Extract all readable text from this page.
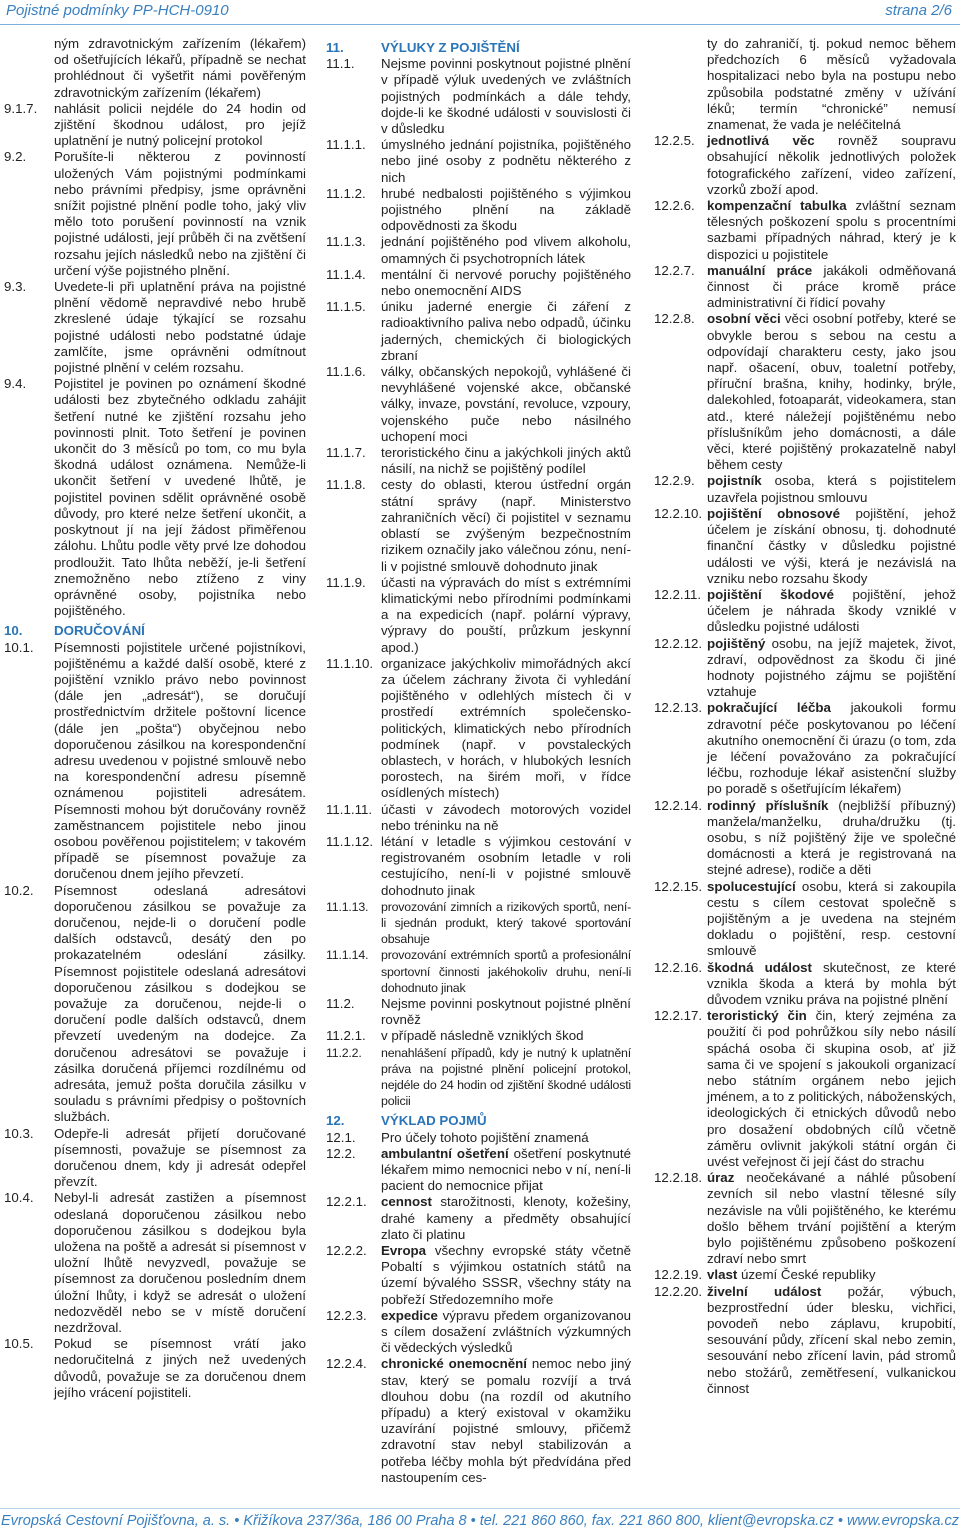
Pojistné podmínky PP-HCH-0910	strana 2/6
ným zdravotnickým zařízením (lékařem) od ošetřujících lékařů, případně se nechat prohlédnout či vyšetřit námi pověřeným zdravotnickým zařízením (lékařem)
9.1.7.	nahlásit policii nejdéle do 24 hodin od zjištění škodnou událost, pro jejíž uplatnění je nutný policejní protokol
9.2.	Porušíte-li některou z povinností uložených Vám pojistnými podmínkami nebo právními předpisy, jsme oprávněni snížit pojistné plnění podle toho, jaký vliv mělo toto porušení povinností na vznik pojistné události, její průběh či na zvětšení rozsahu jejích následků nebo na zjištění či určení výše pojistného plnění.
9.3.	Uvedete-li při uplatnění práva na pojistné plnění vědomě nepravdivé nebo hrubě zkreslené údaje týkající se rozsahu pojistné události nebo podstatné údaje zamlčíte, jsme oprávněni odmítnout pojistné plnění v celém rozsahu.
9.4.	Pojistitel je povinen po oznámení škodné události bez zbytečného odkladu zahájit šetření nutné ke zjištění rozsahu jeho povinnosti plnit. Toto šetření je povinen ukončit do 3 měsíců po tom, co mu byla škodná událost oznámena. Nemůže-li ukončit šetření v uvedené lhůtě, je pojistitel povinen sdělit oprávněné osobě důvody, pro které nelze šetření ukončit, a poskytnout jí na její žádost přiměřenou zálohu. Lhůtu podle věty prvé lze dohodou prodloužit. Tato lhůta neběží, je-li šetření znemožněno nebo ztíženo z viny oprávněné osoby, pojistníka nebo pojištěného.
10.	DORUČOVÁNÍ
10.1.	Písemnosti pojistitele určené pojistníkovi, pojištěnému a každé další osobě, které z pojištění vzniklo právo nebo povinnost (dále jen „adresát“), se doručují prostřednictvím držitele poštovní licence (dále jen „pošta“) obyčejnou nebo doporučenou zásilkou na korespondenční adresu uvedenou v pojistné smlouvě nebo na korespondenční adresu písemně oznámenou pojistiteli adresátem. Písemnosti mohou být doručovány rovněž zaměstnancem pojistitele nebo jinou osobou pověřenou pojistitelem; v takovém případě se písemnost považuje za doručenou dnem jejího převzetí.
10.2.	Písemnost odeslaná adresátovi doporučenou zásilkou se považuje za doručenou, nejde-li o doručení podle dalších odstavců, desátý den po prokazatelném odeslání zásilky. Písemnost pojistitele odeslaná adresátovi doporučenou zásilkou s dodejkou se považuje za doručenou, nejde-li o doručení podle dalších odstavců, dnem převzetí uvedeným na dodejce. Za doručenou adresátovi se považuje i zásilka doručená příjemci rozdílnému od adresáta, jemuž pošta doručila zásilku v souladu s právními předpisy o poštovních službách.
10.3.	Odepře-li adresát přijetí doručované písemnosti, považuje se písemnost za doručenou dnem, kdy ji adresát odepřel převzít.
10.4.	Nebyl-li adresát zastižen a písemnost odeslaná doporučenou zásilkou nebo doporučenou zásilkou s dodejkou byla uložena na poště a adresát si písemnost v uložní lhůtě nevyzvedl, považuje se písemnost za doručenou posledním dnem úložní lhůty, i když se adresát o uložení nedozvěděl nebo se v místě doručení nezdržoval.
10.5.	Pokud se písemnost vrátí jako nedoručitelná z jiných než uvedených důvodů, považuje se za doručenou dnem jejího vrácení pojistiteli.
11.	VÝLUKY Z POJIŠTĚNÍ
11.1.	Nejsme povinni poskytnout pojistné plnění v případě výluk uvedených ve zvláštních pojistných podmínkách a dále tehdy, dojde-li ke škodné události v souvislosti či v důsledku
11.1.1.	úmyslného jednání pojistníka, pojištěného nebo jiné osoby z podnětu některého z nich
11.1.2.	hrubé nedbalosti pojištěného s výjimkou pojistného plnění na základě odpovědnosti za škodu
11.1.3.	jednání pojištěného pod vlivem alkoholu, omamných či psychotropních látek
11.1.4.	mentální či nervové poruchy pojištěného nebo onemocnění AIDS
11.1.5.	úniku jaderné energie či záření z radioaktivního paliva nebo odpadů, účinku jaderných, chemických či biologických zbraní
11.1.6.	války, občanských nepokojů, vyhlášené či nevyhlášené vojenské akce, občanské války, invaze, povstání, revoluce, vzpoury, vojenského puče nebo násilného uchopení moci
11.1.7.	teroristického činu a jakýchkoli jiných aktů násilí, na nichž se pojištěný podílel
11.1.8.	cesty do oblasti, kterou ústřední orgán státní správy (např. Ministerstvo zahraničních věcí) či pojistitel v seznamu oblastí se zvýšeným bezpečnostním rizikem označily jako válečnou zónu, není-li v pojistné smlouvě dohodnuto jinak
11.1.9.	účasti na výpravách do míst s extrémními klimatickými nebo přírodními podmínkami a na expedicích (např. polární výpravy, výpravy do pouští, průzkum jeskynní apod.)
11.1.10. organizace jakýchkoliv mimořádných akcí za účelem záchrany života či vyhledání pojištěného v odlehlých místech či v prostředí extrémních společensko-politických, klimatických nebo přírodních podmínek (např. v povstaleckých oblastech, v horách, v hlubokých lesních porostech, na širém moři, v řídce osídlených místech)
11.1.11. účasti v závodech motorových vozidel nebo tréninku na ně
11.1.12. létání v letadle s výjimkou cestování v registrovaném osobním letadle v roli cestujícího, není-li v pojistné smlouvě dohodnuto jinak
11.1.13.	provozování zimních a rizikových sportů, není-li sjednán produkt, který takové sportování obsahuje
11.1.14.	provozování extrémních sportů a profesionální sportovní činnosti jakéhokoliv druhu, není-li dohodnuto jinak
11.2.	Nejsme povinni poskytnout pojistné plnění rovněž
11.2.1.	v případě následně vzniklých škod
11.2.2.	nenahlášení případů, kdy je nutný k uplatnění práva na pojistné plnění policejní protokol, nejdéle do 24 hodin od zjištění škodné události policii
12.	VÝKLAD POJMŮ
12.1.	Pro účely tohoto pojištění znamená
12.2.	ambulantní ošetření ošetření poskytnuté lékařem mimo nemocnici nebo v ní, není-li pacient do nemocnice přijat
12.2.1.	cennost starožitnosti, klenoty, kožešiny, drahé kameny a předměty obsahující zlato či platinu
12.2.2.	Evropa všechny evropské státy včetně Pobaltí s výjimkou ostatních států na území bývalého SSSR, všechny státy na pobřeží Středozemního moře
12.2.3.	expedice výpravu předem organizovanou s cílem dosažení zvláštních výzkumných či vědeckých výsledků
12.2.4.	chronické onemocnění nemoc nebo jiný stav, který se pomalu rozvíjí a trvá dlouhou dobu (na rozdíl od akutního případu) a který existoval v okamžiku uzavírání pojistné smlouvy, přičemž zdravotní stav nebyl stabilizován a potřeba léčby mohla být předvídána před nastoupením ces-
ty do zahraničí, tj. pokud nemoc během předchozích 6 měsíců vyžadovala hospitalizaci nebo byla na postupu nebo způsobila podstatné změny v užívání léků; termín “chronické” nemusí znamenat, že vada je neléčitelná
12.2.5. jednotlivá věc rovněž soupravu obsahující několik jednotlivých položek fotografického zařízení, video zařízení, vzorků zboží apod.
12.2.6. kompenzační tabulka zvláštní seznam tělesných poškození spolu s procentními sazbami případných náhrad, který je k dispozici u pojistitele
12.2.7. manuální práce jakákoli odměňovaná činnost či práce kromě práce administrativní či řídicí povahy
12.2.8. osobní věci věci osobní potřeby, které se obvykle berou s sebou na cestu a odpovídají charakteru cesty, jako jsou např. ošacení, obuv, toaletní potřeby, příruční brašna, knihy, hodinky, brýle, dalekohled, fotoaparát, videokamera, stan atd., které náležejí pojištěnému nebo příslušníkům jeho domácnosti, a dále věci, které pojištěný prokazatelně nabyl během cesty
12.2.9. pojistník osoba, která s pojistitelem uzavřela pojistnou smlouvu
12.2.10. pojištění obnosové pojištění, jehož účelem je získání obnosu, tj. dohodnuté finanční částky v důsledku pojistné události ve výši, která je nezávislá na vzniku nebo rozsahu škody
12.2.11. pojištění škodové pojištění, jehož účelem je náhrada škody vzniklé v důsledku pojistné události
12.2.12. pojištěný osobu, na jejíž majetek, život, zdraví, odpovědnost za škodu či jiné hodnoty pojistného zájmu se pojištění vztahuje
12.2.13. pokračující léčba jakoukoli formu zdravotní péče poskytovanou po léčení akutního onemocnění či úrazu (o tom, zda je léčení považováno za pokračující léčbu, rozhoduje lékař asistenční služby po poradě s ošetřujícím lékařem)
12.2.14. rodinný příslušník (nejbližší příbuzný) manžela/manželku, druha/družku (tj. osobu, s níž pojištěný žije ve společné domácnosti a která je registrovaná na stejné adrese), rodiče a děti
12.2.15. spolucestující osobu, která si zakoupila cestu s cílem cestovat společně s pojištěným a je uvedena na stejném dokladu o pojištění, resp. cestovní smlouvě
12.2.16. škodná událost skutečnost, ze které vznikla škoda a která by mohla být důvodem vzniku práva na pojistné plnění
12.2.17. teroristický čin čin, který zejména za použití či pod pohrůžkou síly nebo násilí spáchá osoba či skupina osob, ať již sama či ve spojení s jakoukoli organizací nebo státním orgánem nebo jejich jménem, a to z politických, náboženských, ideologických či etnických důvodů nebo pro dosažení obdobných cílů včetně záměru ovlivnit jakýkoli státní orgán či uvést veřejnost či její část do strachu
12.2.18. úraz neočekávané a náhlé působení zevních sil nebo vlastní tělesné síly nezávisle na vůli pojištěného, ke kterému došlo během trvání pojištění a kterým bylo pojištěnému způsobeno poškození zdraví nebo smrt
12.2.19. vlast území České republiky
12.2.20. živelní událost požár, výbuch, bezprostřední úder blesku, vichřici, povodeň nebo záplavu, krupobití, sesouvání půdy, zřícení skal nebo zemin, sesouvání nebo zřícení lavin, pád stromů nebo stožárů, zemětřesení, vulkanickou činnost
Evropská Cestovní Pojišťovna, a. s. • Křižíkova 237/36a, 186 00 Praha 8 • tel. 221 860 860, fax. 221 860 800, klient@evropska.cz • www.evropska.cz
